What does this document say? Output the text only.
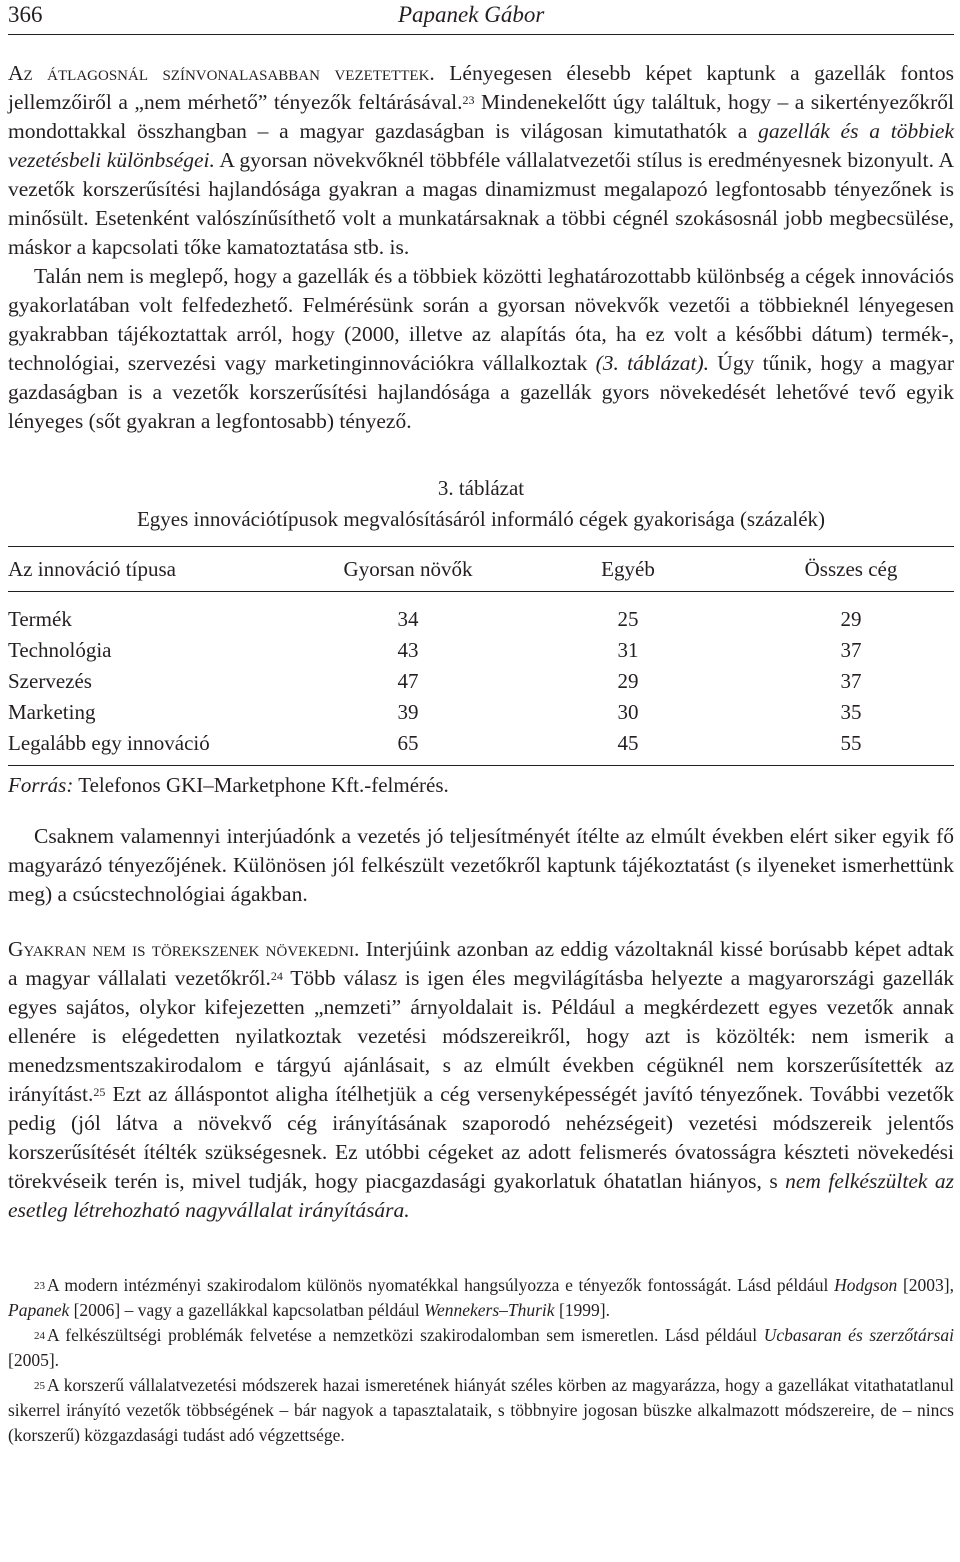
366	Papanek Gábor

Az átlagosnál színvonalasabban vezetettek. Lényegesen élesebb képet kaptunk a gazellák fontos jellemzőiről a „nem mérhető” tényezők feltárásával.$^{23}$ Mindenekelőtt úgy találtuk, hogy – a sikertényezőkről mondottakkal összhangban – a magyar gazdaságban is világosan kimutathatók a gazellák és a többiek vezetésbeli különbségei. A gyorsan növekvőknél többféle vállalatvezetői stílus is eredményesnek bizonyult. A vezetők korszerűsítési hajlandósága gyakran a magas dinamizmust megalapozó legfontosabb tényezőnek is minősült. Esetenként valószínűsíthető volt a munkatársaknak a többi cégnél szokásosnál jobb megbecsülése, máskor a kapcsolati tőke kamatoztatása stb. is.

Talán nem is meglepő, hogy a gazellák és a többiek közötti leghatározottabb különbség a cégek innovációs gyakorlatában volt felfedezhető. Felmérésünk során a gyorsan növekvők vezetői a többieknél lényegesen gyakrabban tájékoztattak arról, hogy (2000, illetve az alapítás óta, ha ez volt a későbbi dátum) termék-, technológiai, szervezési vagy marketinginnovációkra vállalkoztak (3. táblázat). Úgy tűnik, hogy a magyar gazdaságban is a vezetők korszerűsítési hajlandósága a gazellák gyors növekedését lehetővé tevő egyik lényeges (sőt gyakran a legfontosabb) tényező.

3. táblázat
Egyes innovációtípusok megvalósításáról informáló cégek gyakorisága (százalék)
Az innováció típusa	Gyorsan növők	Egyéb	Összes cég
Termék	34	25	29
Technológia	43	31	37
Szervezés	47	29	37
Marketing	39	30	35
Legalább egy innováció	65	45	55
Forrás: Telefonos GKI–Marketphone Kft.-felmérés.

Csaknem valamennyi interjúadónk a vezetés jó teljesítményét ítélte az elmúlt években elért siker egyik fő magyarázó tényezőjének. Különösen jól felkészült vezetőkről kaptunk tájékoztatást (s ilyeneket ismerhettünk meg) a csúcstechnológiai ágakban.

Gyakran nem is törekszenek növekedni. Interjúink azonban az eddig vázoltaknál kissé borúsabb képet adtak a magyar vállalati vezetőkről.$^{24}$ Több válasz is igen éles megvilágításba helyezte a magyarországi gazellák egyes sajátos, olykor kifejezetten „nemzeti” árnyoldalait is. Például a megkérdezett egyes vezetők annak ellenére is elégedetten nyilatkoztak vezetési módszereikről, hogy azt is közölték: nem ismerik a menedzsmentszakirodalom e tárgyú ajánlásait, s az elmúlt években cégüknél nem korszerűsítették az irányítást.$^{25}$ Ezt az álláspontot aligha ítélhetjük a cég versenyképességét javító tényezőnek. További vezetők pedig (jól látva a növekvő cég irányításának szaporodó nehézségeit) vezetési módszereik jelentős korszerűsítését ítélték szükségesnek. Ez utóbbi cégeket az adott felismerés óvatosságra készteti növekedési törekvéseik terén is, mivel tudják, hogy piacgazdasági gyakorlatuk óhatatlan hiányos, s nem felkészültek az esetleg létrehozható nagyvállalat irányítására.

$^{23}$ A modern intézményi szakirodalom különös nyomatékkal hangsúlyozza e tényezők fontosságát. Lásd például Hodgson [2003], Papanek [2006] – vagy a gazellákkal kapcsolatban például Wennekers–Thurik [1999].

$^{24}$ A felkészültségi problémák felvetése a nemzetközi szakirodalomban sem ismeretlen. Lásd például Ucbasaran és szerzőtársai [2005].

$^{25}$ A korszerű vállalatvezetési módszerek hazai ismeretének hiányát széles körben az magyarázza, hogy a gazellákat vitathatatlanul sikerrel irányító vezetők többségének – bár nagyok a tapasztalataik, s többnyire jogosan büszke alkalmazott módszereire, de – nincs (korszerű) közgazdasági tudást adó végzettsége.
